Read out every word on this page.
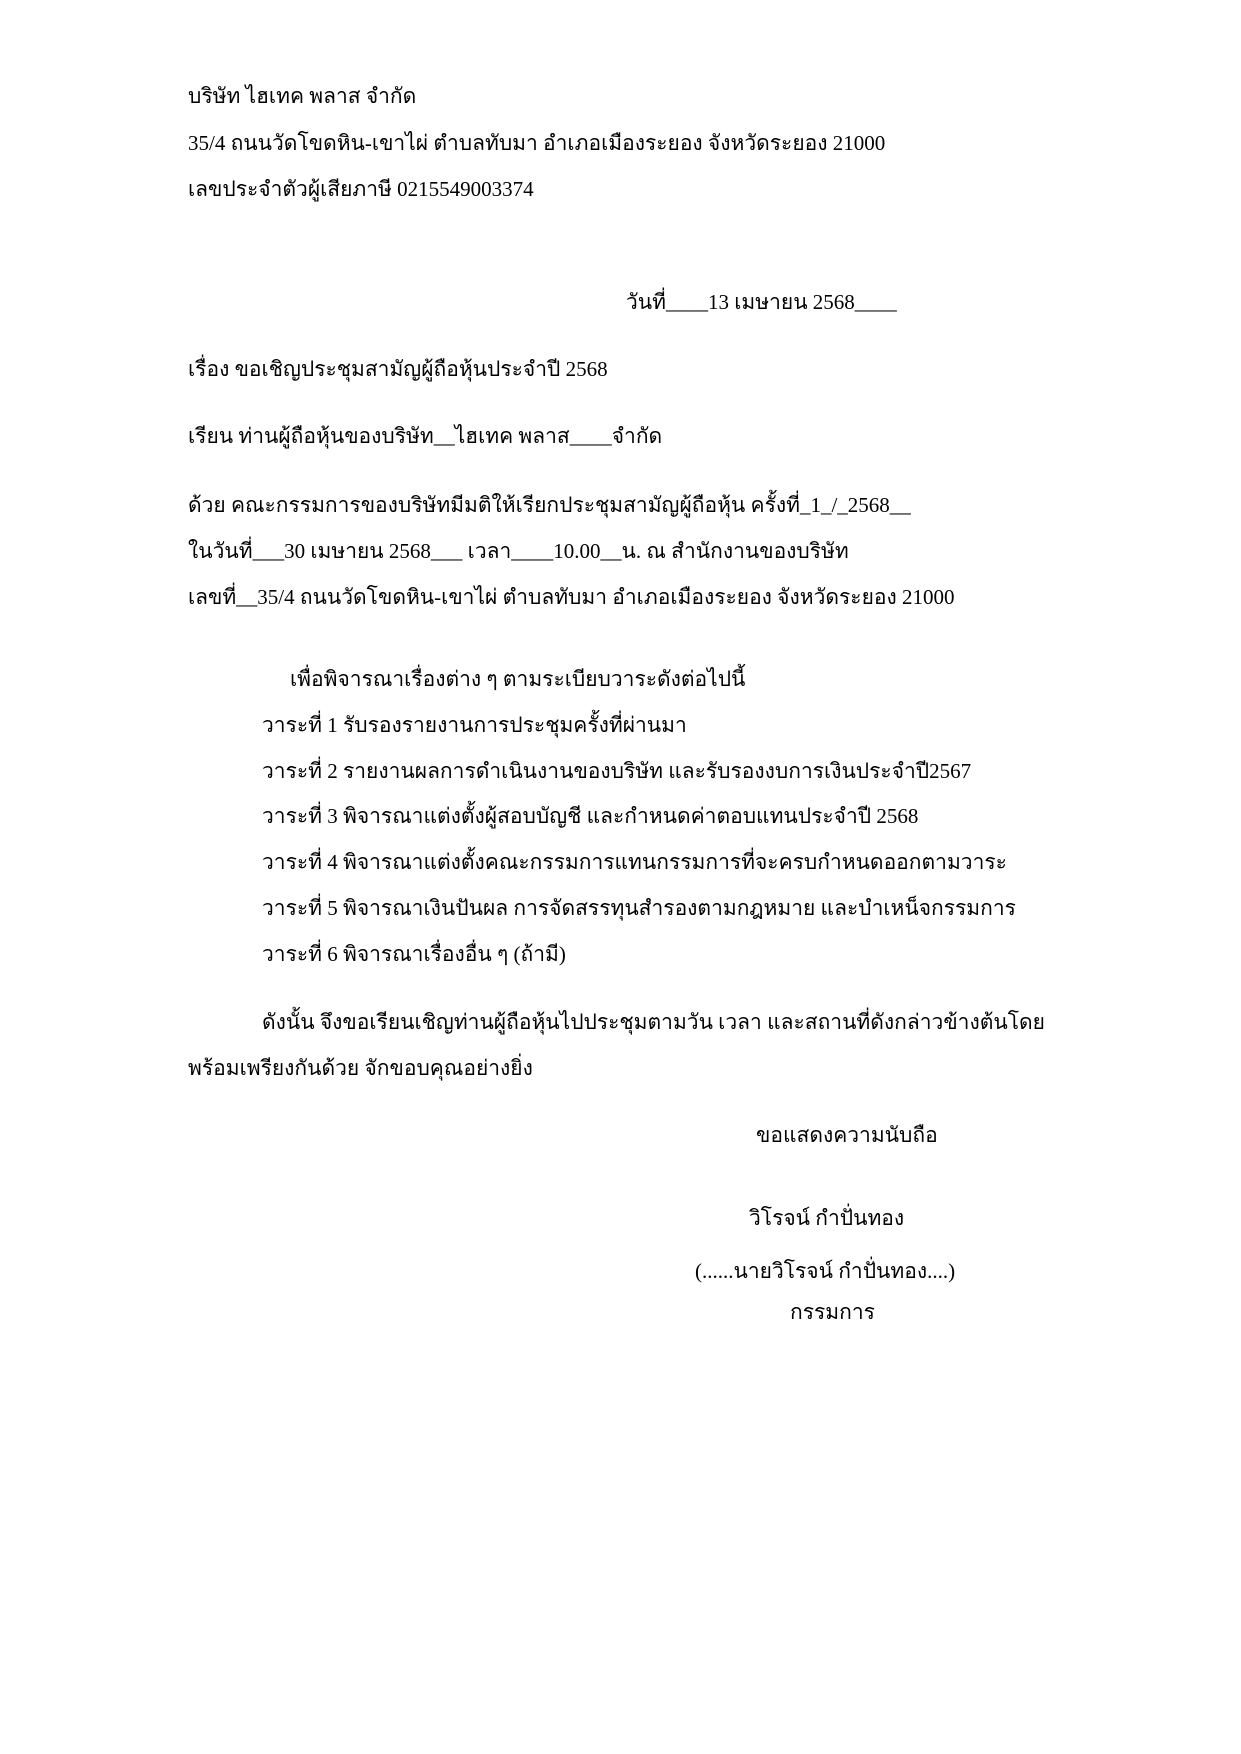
บริษัท ไฮเทค พลาส จำกัด
35/4 ถนนวัดโขดหิน-เขาไผ่ ตำบลทับมา อำเภอเมืองระยอง จังหวัดระยอง 21000
เลขประจำตัวผู้เสียภาษี 0215549003374
วันที่____13 เมษายน 2568____
เรื่อง ขอเชิญประชุมสามัญผู้ถือหุ้นประจำปี 2568
เรียน ท่านผู้ถือหุ้นของบริษัท__ไฮเทค พลาส____จำกัด
ด้วย คณะกรรมการของบริษัทมีมติให้เรียกประชุมสามัญผู้ถือหุ้น ครั้งที่_1_/_2568__
ในวันที่___30 เมษายน 2568___ เวลา____10.00__น. ณ สำนักงานของบริษัท
เลขที่__35/4 ถนนวัดโขดหิน-เขาไผ่ ตำบลทับมา อำเภอเมืองระยอง จังหวัดระยอง 21000
เพื่อพิจารณาเรื่องต่าง ๆ ตามระเบียบวาระดังต่อไปนี้
วาระที่ 1 รับรองรายงานการประชุมครั้งที่ผ่านมา
วาระที่ 2 รายงานผลการดำเนินงานของบริษัท และรับรองงบการเงินประจำปี2567
วาระที่ 3 พิจารณาแต่งตั้งผู้สอบบัญชี และกำหนดค่าตอบแทนประจำปี 2568
วาระที่ 4 พิจารณาแต่งตั้งคณะกรรมการแทนกรรมการที่จะครบกำหนดออกตามวาระ
วาระที่ 5 พิจารณาเงินปันผล การจัดสรรทุนสำรองตามกฎหมาย และบำเหน็จกรรมการ
วาระที่ 6 พิจารณาเรื่องอื่น ๆ (ถ้ามี)
ดังนั้น จึงขอเรียนเชิญท่านผู้ถือหุ้นไปประชุมตามวัน เวลา และสถานที่ดังกล่าวข้างต้นโดย
พร้อมเพรียงกันด้วย จักขอบคุณอย่างยิ่ง
ขอแสดงความนับถือ
วิโรจน์ กำปั่นทอง
(......นายวิโรจน์ กำปั่นทอง....)
กรรมการ
